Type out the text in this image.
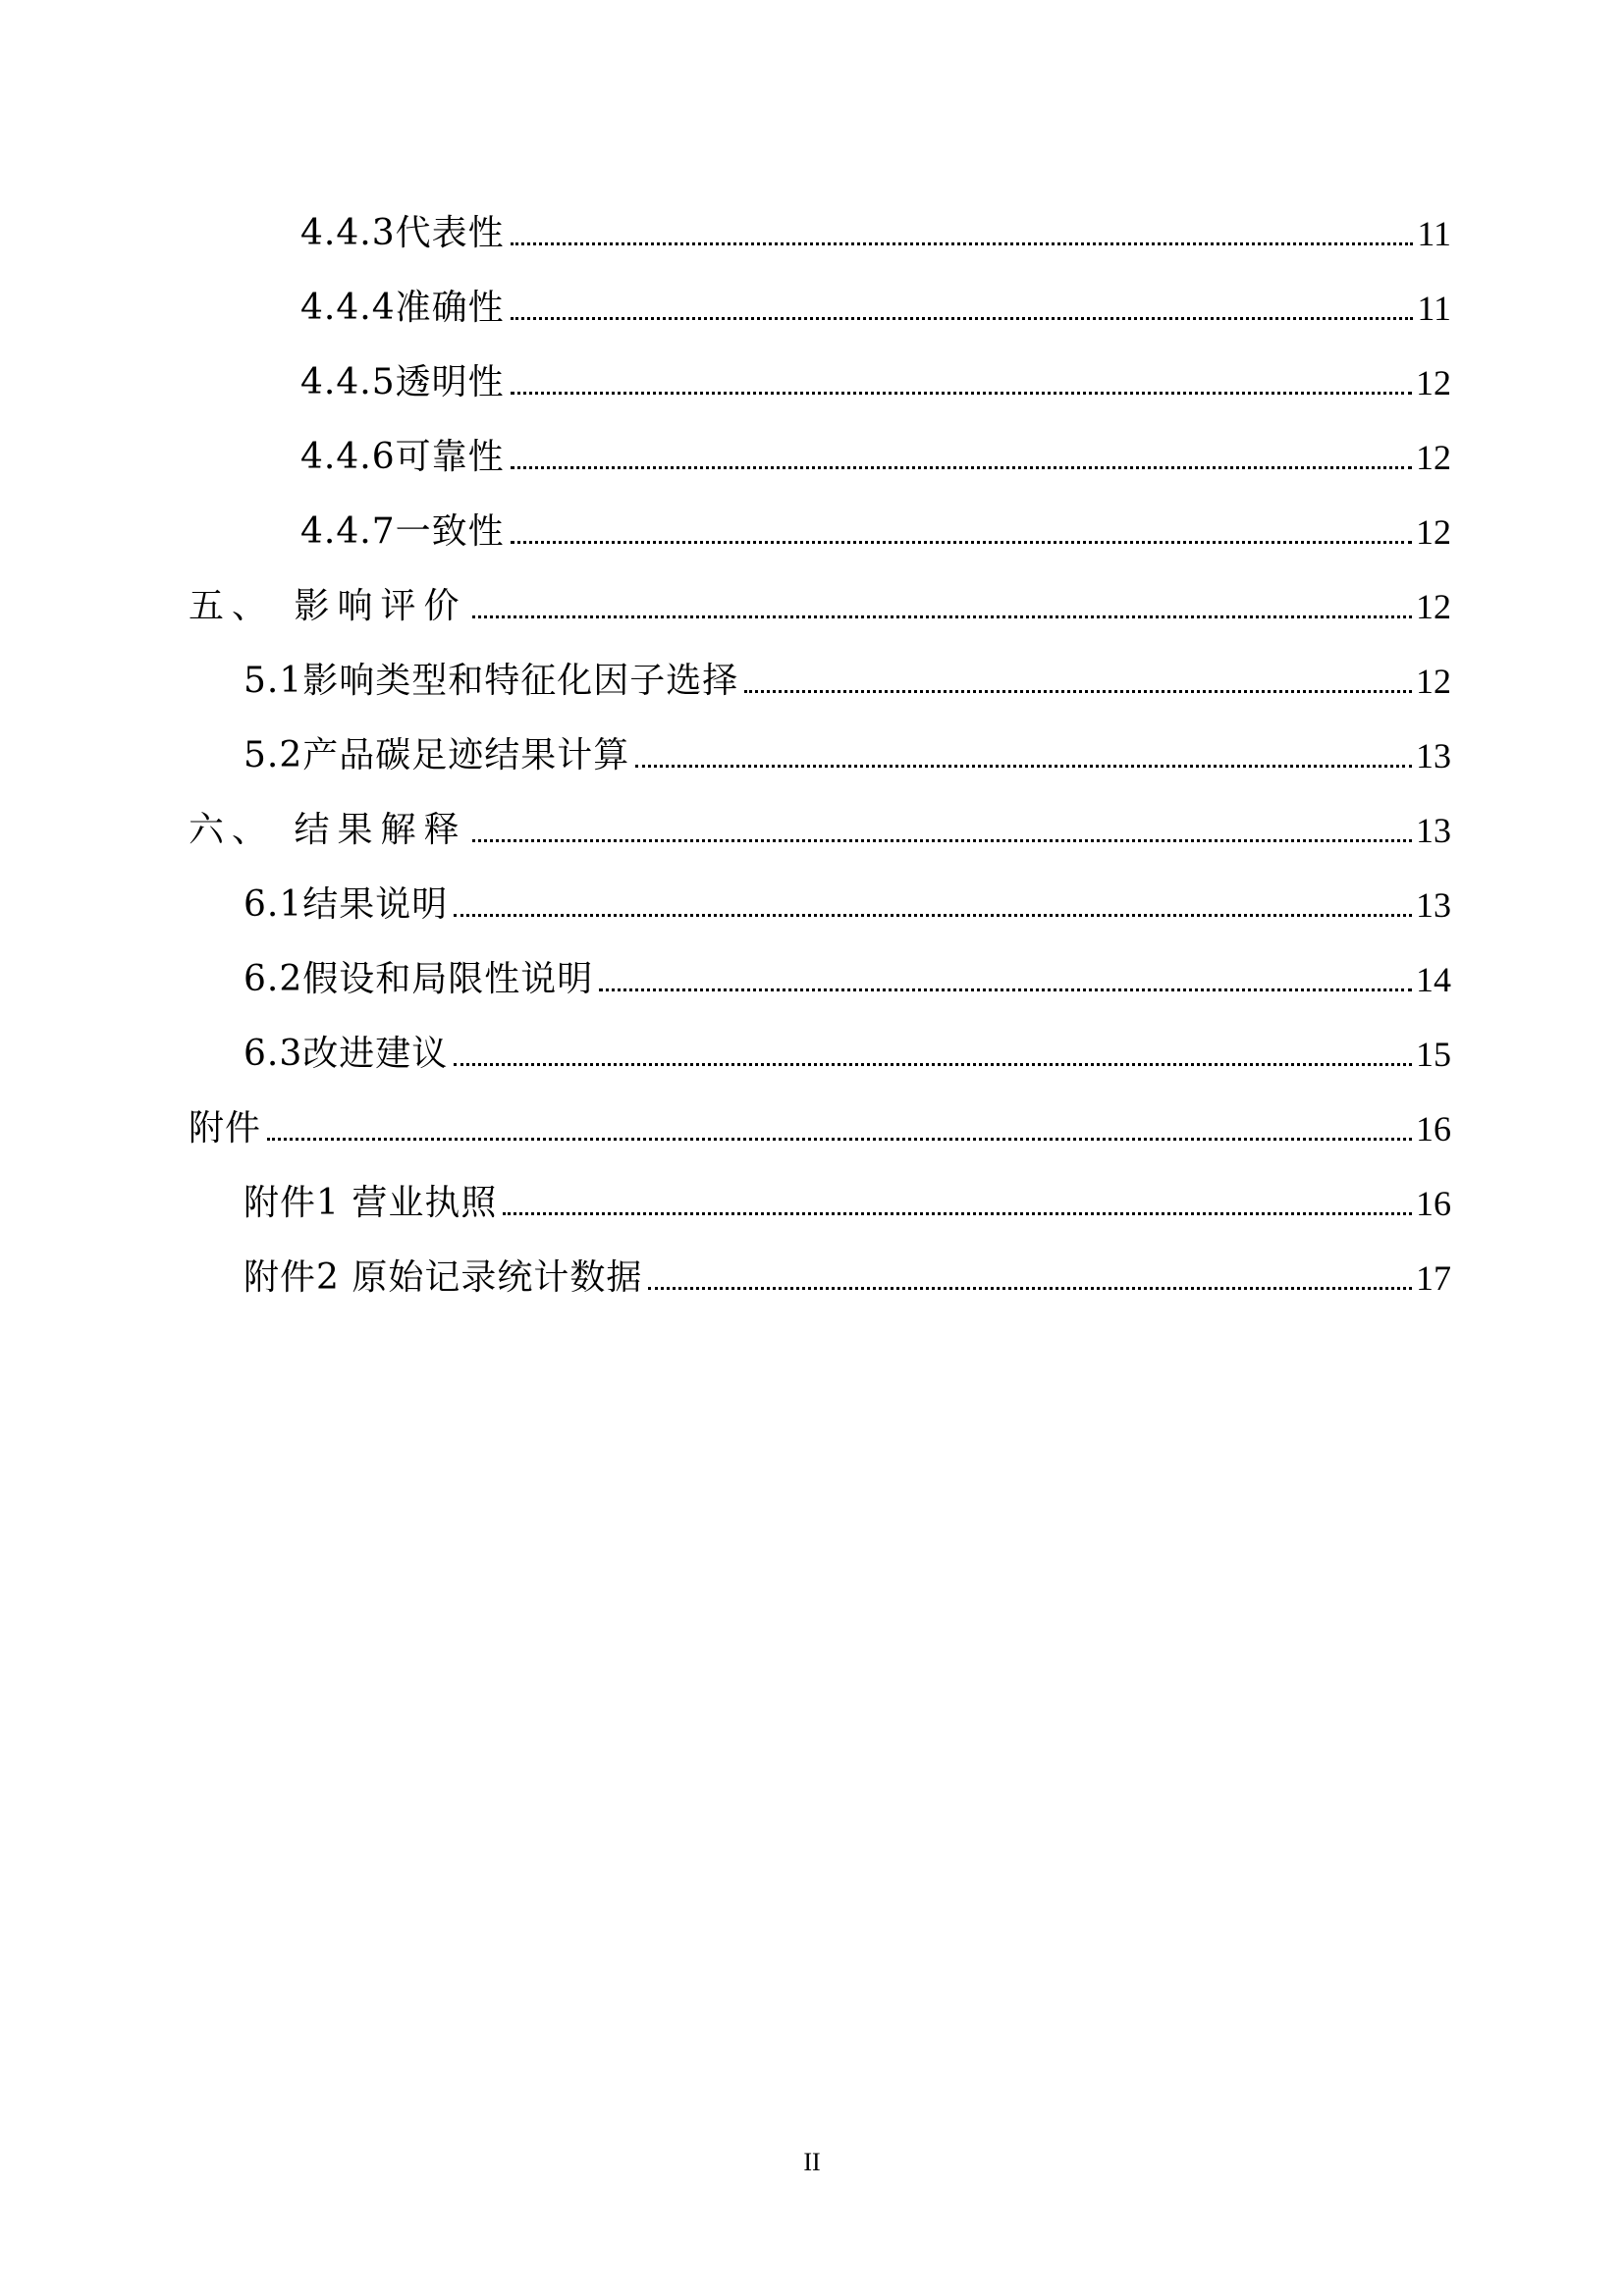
4.4.3代表性	11
4.4.4准确性	11
4.4.5透明性	12
4.4.6可靠性	12
4.4.7一致性	12
五、 影响评价	12
5.1影响类型和特征化因子选择	12
5.2产品碳足迹结果计算	13
六、 结果解释	13
6.1结果说明	13
6.2假设和局限性说明	14
6.3改进建议	15
附件	16
附件1 营业执照	16
附件2 原始记录统计数据	17
II
